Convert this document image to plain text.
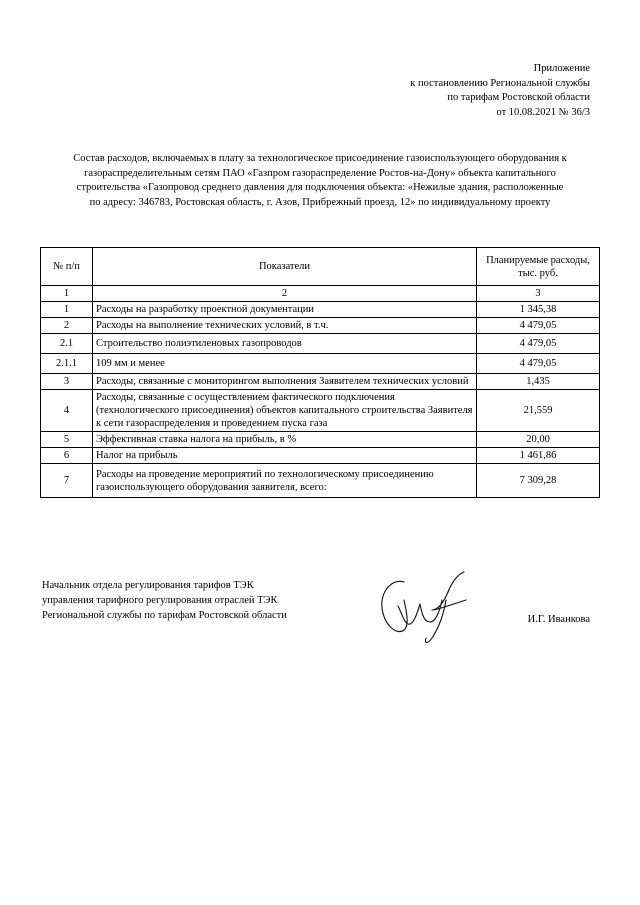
Приложение
к постановлению Региональной службы
по тарифам Ростовской области
от 10.08.2021 № 36/3
Состав расходов, включаемых в плату за технологическое присоединение газоиспользующего оборудования к
газораспределительным сетям ПАО «Газпром газораспределение Ростов-на-Дону» объекта капитального
строительства «Газопровод среднего давления для подключения объекта: «Нежилые здания, расположенные
по адресу: 346783, Ростовская область, г. Азов, Прибрежный проезд, 12» по индивидуальному проекту
№ п/п	Показатели	Планируемые расходы,
тыс. руб.

1	2	3
1	Расходы на разработку проектной документации	1 345,38
2	Расходы на выполнение технических условий, в т.ч.	4 479,05
2.1	Строительство полиэтиленовых газопроводов	4 479,05
2.1.1	109 мм и менее	4 479,05
3	Расходы, связанные с мониторингом выполнения Заявителем технических условий	1,435
4	Расходы, связанные с осуществлением фактического подключения (технологического присоединения) объектов капитального строительства Заявителя к сети газораспределения и проведением пуска газа	21,559
5	Эффективная ставка налога на прибыль, в %	20,00
6	Налог на прибыль	1 461,86
7	Расходы на проведение мероприятий по технологическому присоединению газоиспользующего оборудования заявителя, всего:	7 309,28
Начальник отдела регулирования тарифов ТЭК
управления тарифного регулирования отраслей ТЭК
Региональной службы по тарифам Ростовской области	И.Г. Иванкова
